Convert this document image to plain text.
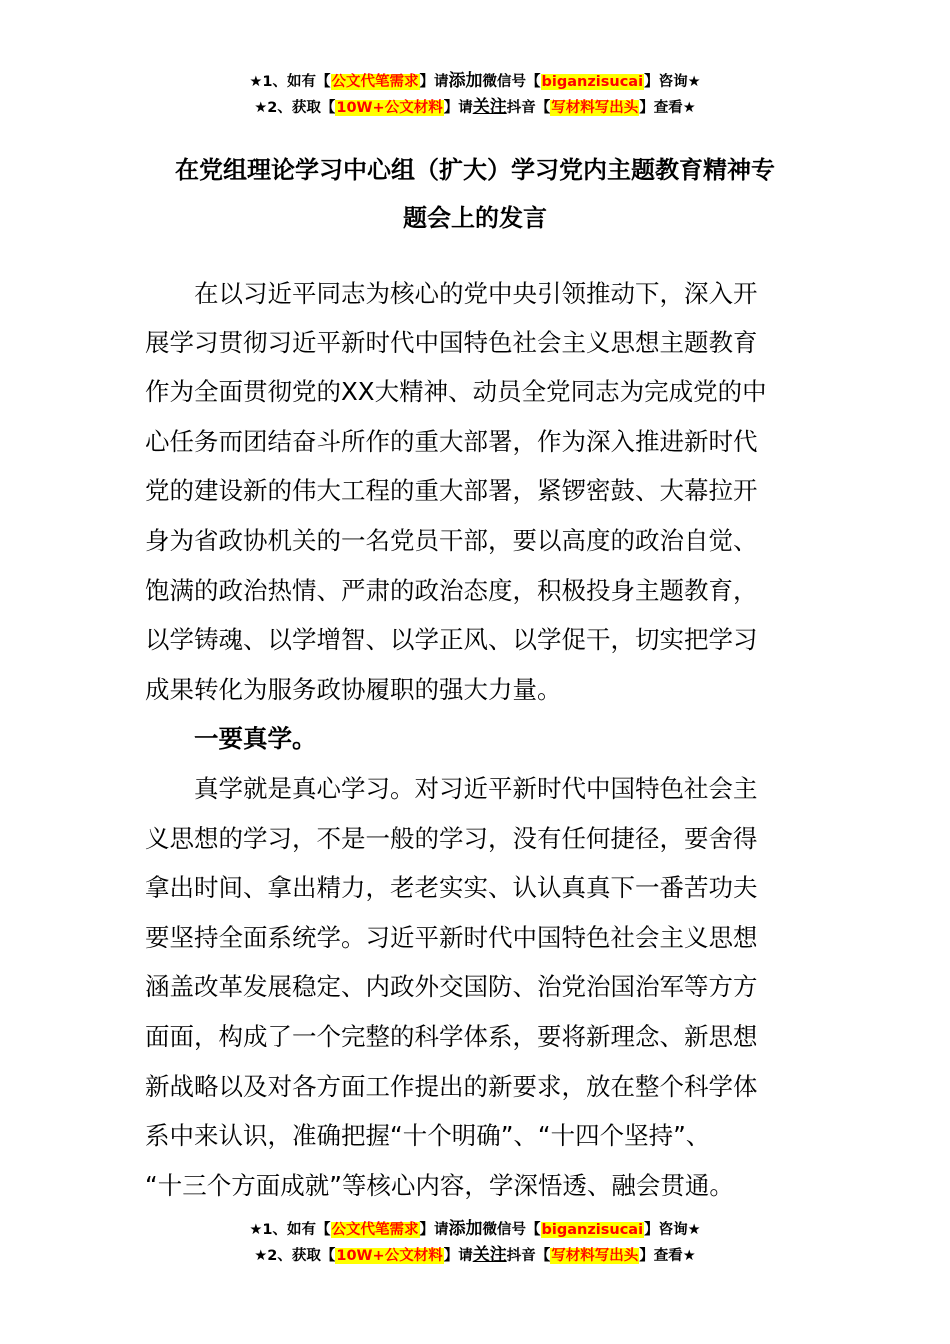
★1、如有【公文代笔需求】请添加微信号【biganzisucai】咨询★
★2、获取【10W+公文材料】请关注抖音【写材料写出头】查看★
在党组理论学习中心组（扩大）学习党内主题教育精神专
题会上的发言
在以习近平同志为核心的党中央引领推动下，深入开
展学习贯彻习近平新时代中国特色社会主义思想主题教育
作为全面贯彻党的XX大精神、动员全党同志为完成党的中
心任务而团结奋斗所作的重大部署，作为深入推进新时代
党的建设新的伟大工程的重大部署，紧锣密鼓、大幕拉开
身为省政协机关的一名党员干部，要以高度的政治自觉、
饱满的政治热情、严肃的政治态度，积极投身主题教育，
以学铸魂、以学增智、以学正风、以学促干，切实把学习
成果转化为服务政协履职的强大力量。
一要真学。
真学就是真心学习。对习近平新时代中国特色社会主
义思想的学习，不是一般的学习，没有任何捷径，要舍得
拿出时间、拿出精力，老老实实、认认真真下一番苦功夫
要坚持全面系统学。习近平新时代中国特色社会主义思想
涵盖改革发展稳定、内政外交国防、治党治国治军等方方
面面，构成了一个完整的科学体系，要将新理念、新思想
新战略以及对各方面工作提出的新要求，放在整个科学体
系中来认识，准确把握“十个明确”、“十四个坚持”、
“十三个方面成就”等核心内容，学深悟透、融会贯通。
★1、如有【公文代笔需求】请添加微信号【biganzisucai】咨询★
★2、获取【10W+公文材料】请关注抖音【写材料写出头】查看★
